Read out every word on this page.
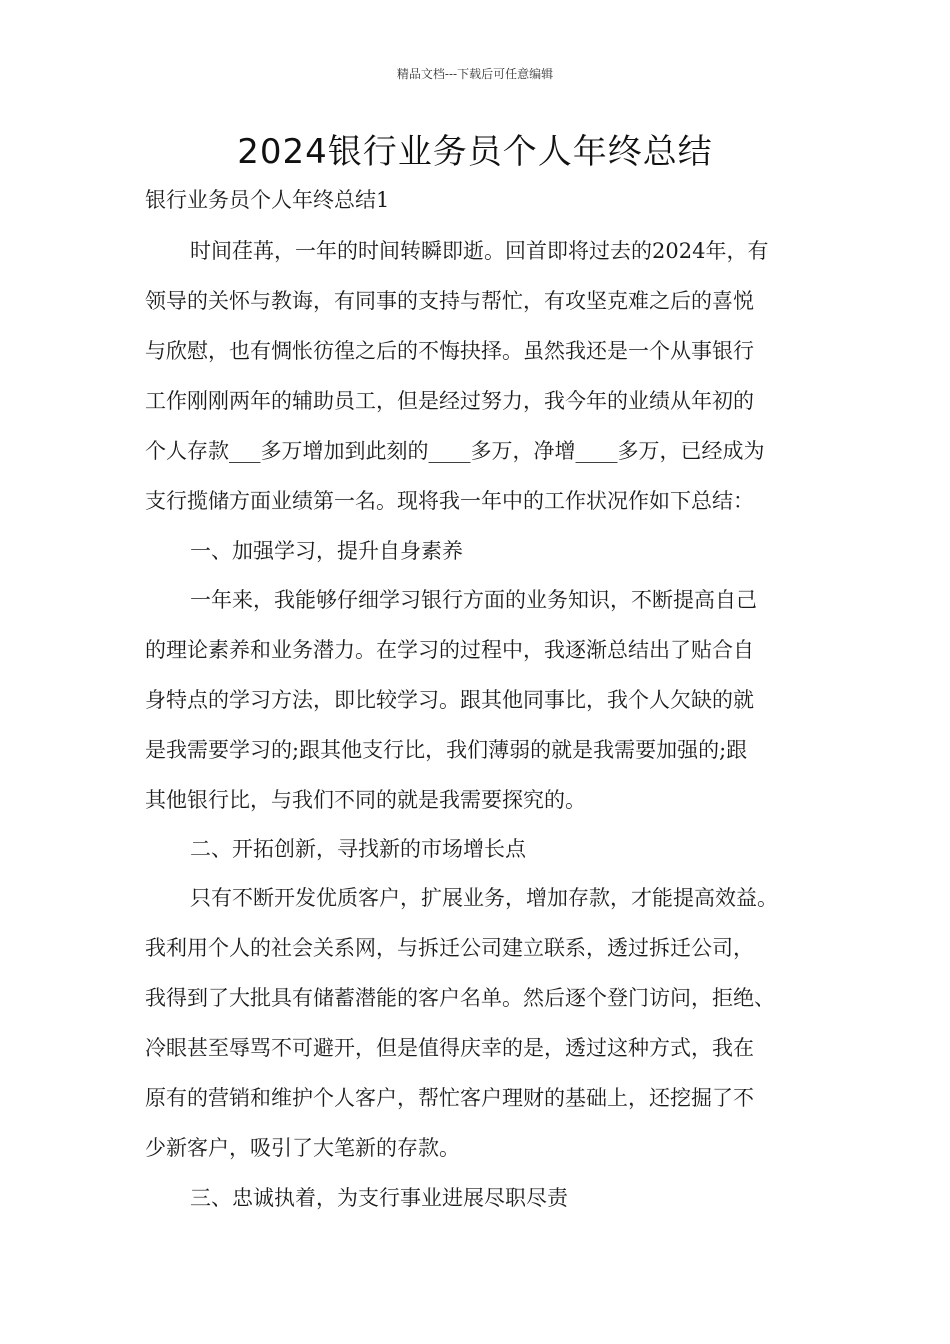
精品文档---下载后可任意编辑
2024银行业务员个人年终总结
银行业务员个人年终总结1
时间荏苒，一年的时间转瞬即逝。回首即将过去的2024年，有
领导的关怀与教诲，有同事的支持与帮忙，有攻坚克难之后的喜悦
与欣慰，也有惆怅彷徨之后的不悔抉择。虽然我还是一个从事银行
工作刚刚两年的辅助员工，但是经过努力，我今年的业绩从年初的
个人存款___多万增加到此刻的____多万，净增____多万，已经成为
支行揽储方面业绩第一名。现将我一年中的工作状况作如下总结：
一、加强学习，提升自身素养
一年来，我能够仔细学习银行方面的业务知识，不断提高自己
的理论素养和业务潜力。在学习的过程中，我逐渐总结出了贴合自
身特点的学习方法，即比较学习。跟其他同事比，我个人欠缺的就
是我需要学习的;跟其他支行比，我们薄弱的就是我需要加强的;跟
其他银行比，与我们不同的就是我需要探究的。
二、开拓创新，寻找新的市场增长点
只有不断开发优质客户，扩展业务，增加存款，才能提高效益。
我利用个人的社会关系网，与拆迁公司建立联系，透过拆迁公司，
我得到了大批具有储蓄潜能的客户名单。然后逐个登门访问，拒绝、
冷眼甚至辱骂不可避开，但是值得庆幸的是，透过这种方式，我在
原有的营销和维护个人客户，帮忙客户理财的基础上，还挖掘了不
少新客户，吸引了大笔新的存款。
三、忠诚执着，为支行事业进展尽职尽责
